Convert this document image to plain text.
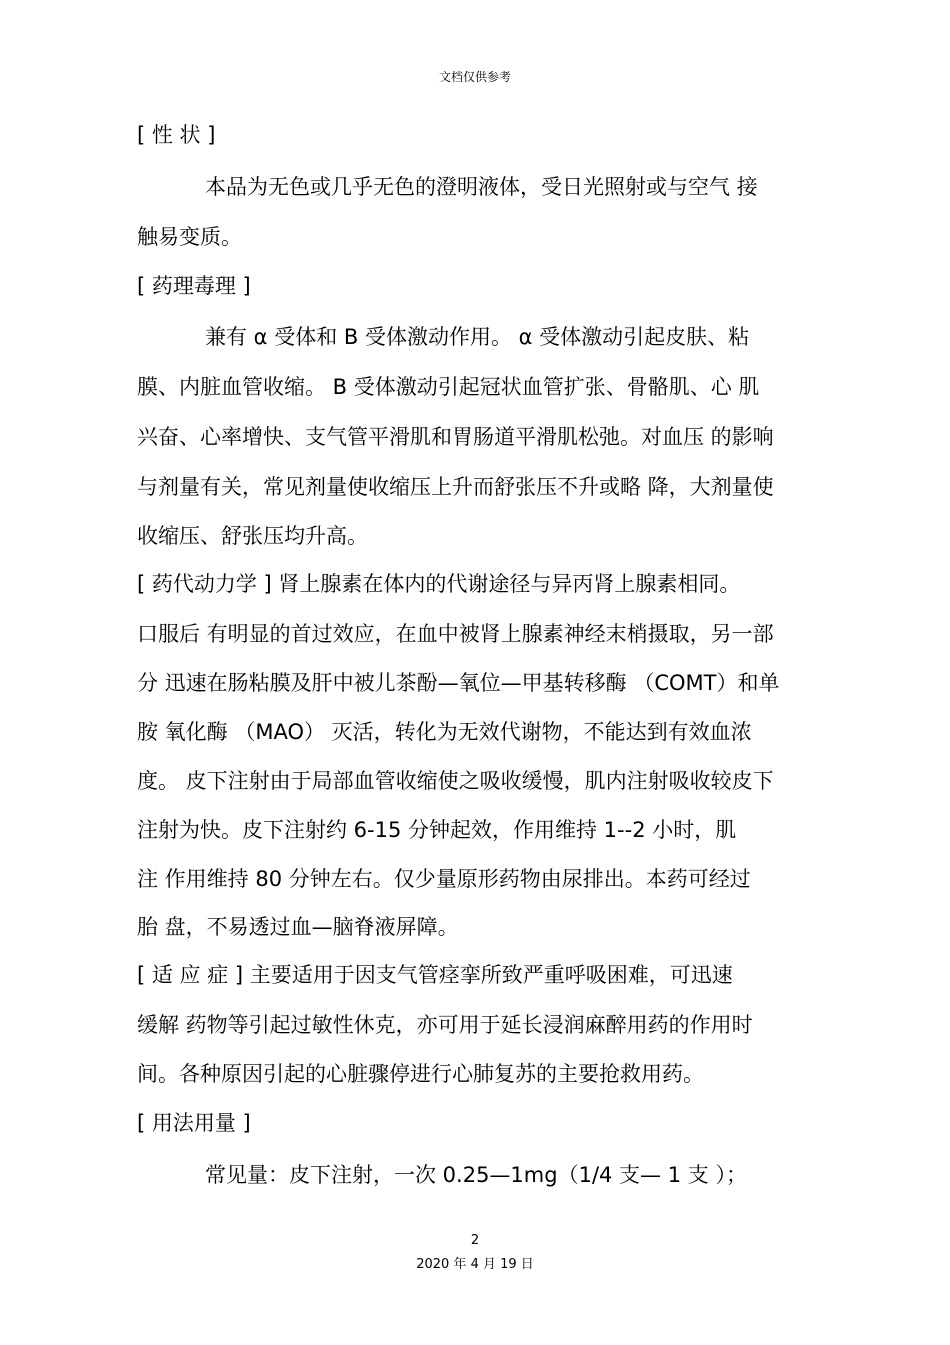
文档仅供参考
[ 性 状 ]
本品为无色或几乎无色的澄明液体，受日光照射或与空气 接
触易变质。
[ 药理毒理 ]
兼有 α 受体和 B 受体激动作用。 α 受体激动引起皮肤、粘
膜、内脏血管收缩。 B 受体激动引起冠状血管扩张、骨骼肌、心 肌
兴奋、心率增快、支气管平滑肌和胃肠道平滑肌松弛。对血压 的影响
与剂量有关，常见剂量使收缩压上升而舒张压不升或略 降，大剂量使
收缩压、舒张压均升高。
[ 药代动力学 ] 肾上腺素在体内的代谢途径与异丙肾上腺素相同。
口服后 有明显的首过效应，在血中被肾上腺素神经末梢摄取，另一部
分 迅速在肠粘膜及肝中被儿茶酚—氧位—甲基转移酶 （COMT）和单
胺 氧化酶 （MAO） 灭活，转化为无效代谢物，不能达到有效血浓
度。 皮下注射由于局部血管收缩使之吸收缓慢，肌内注射吸收较皮下
注射为快。皮下注射约 6-15 分钟起效，作用维持 1--2 小时，肌
注 作用维持 80 分钟左右。仅少量原形药物由尿排出。本药可经过
胎 盘，不易透过血—脑脊液屏障。
[ 适 应 症 ] 主要适用于因支气管痉挛所致严重呼吸困难，可迅速
缓解 药物等引起过敏性休克，亦可用于延长浸润麻醉用药的作用时
间。各种原因引起的心脏骤停进行心肺复苏的主要抢救用药。
[ 用法用量 ]
常见量：皮下注射，一次 0.25—1mg（1/4 支— 1 支 ）；
2
2020 年 4 月 19 日
